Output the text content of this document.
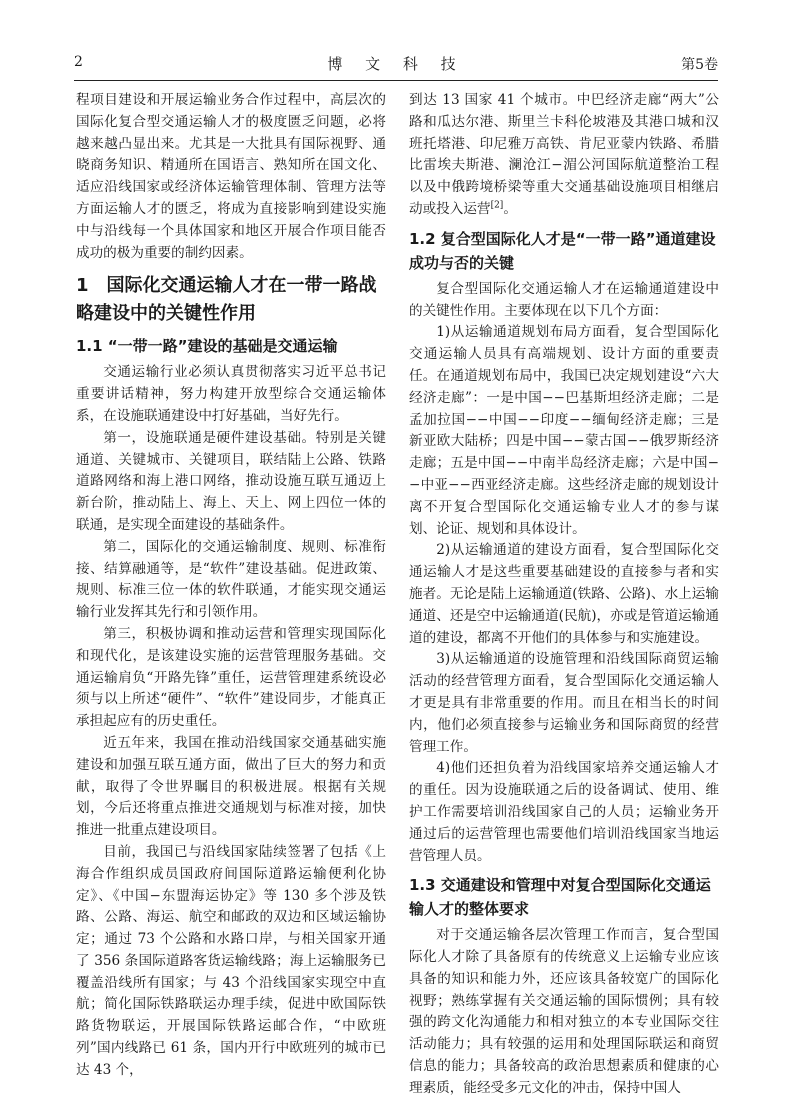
2	博 文 科 技	第5卷

程项目建设和开展运输业务合作过程中，高层次的国际化复合型交通运输人才的极度匮乏问题，必将越来越凸显出来。尤其是一大批具有国际视野、通晓商务知识、精通所在国语言、熟知所在国文化、适应沿线国家或经济体运输管理体制、管理方法等方面运输人才的匮乏，将成为直接影响到建设实施中与沿线每一个具体国家和地区开展合作项目能否成功的极为重要的制约因素。

1　国际化交通运输人才在一带一路战略建设中的关键性作用
1.1 “一带一路”建设的基础是交通运输

交通运输行业必须认真贯彻落实习近平总书记重要讲话精神，努力构建开放型综合交通运输体系，在设施联通建设中打好基础，当好先行。

第一，设施联通是硬件建设基础。特别是关键通道、关键城市、关键项目，联结陆上公路、铁路道路网络和海上港口网络，推动设施互联互通迈上新台阶，推动陆上、海上、天上、网上四位一体的联通，是实现全面建设的基础条件。

第二，国际化的交通运输制度、规则、标准衔接、结算融通等，是“软件”建设基础。促进政策、规则、标准三位一体的软件联通，才能实现交通运输行业发挥其先行和引领作用。

第三，积极协调和推动运营和管理实现国际化和现代化，是该建设实施的运营管理服务基础。交通运输肩负“开路先锋”重任，运营管理建系统设必须与以上所述“硬件”、“软件”建设同步，才能真正承担起应有的历史重任。

近五年来，我国在推动沿线国家交通基础实施建设和加强互联互通方面，做出了巨大的努力和贡献，取得了令世界瞩目的积极进展。根据有关规划，今后还将重点推进交通规划与标准对接，加快推进一批重点建设项目。

目前，我国已与沿线国家陆续签署了包括《上海合作组织成员国政府间国际道路运输便利化协定》、《中国−东盟海运协定》等 130 多个涉及铁路、公路、海运、航空和邮政的双边和区域运输协定；通过 73 个公路和水路口岸，与相关国家开通了 356 条国际道路客货运输线路；海上运输服务已覆盖沿线所有国家；与 43 个沿线国家实现空中直航；简化国际铁路联运办理手续，促进中欧国际铁路货物联运，开展国际铁路运邮合作，“中欧班列”国内线路已 61 条，国内开行中欧班列的城市已达 43 个，

到达 13 国家 41 个城市。中巴经济走廊“两大”公路和瓜达尔港、斯里兰卡科伦坡港及其港口城和汉班托塔港、印尼雅万高铁、肯尼亚蒙内铁路、希腊比雷埃夫斯港、澜沧江−湄公河国际航道整治工程以及中俄跨境桥梁等重大交通基础设施项目相继启动或投入运营[2]。

1.2 复合型国际化人才是“一带一路”通道建设成功与否的关键

复合型国际化交通运输人才在运输通道建设中的关键性作用。主要体现在以下几个方面：

1)从运输通道规划布局方面看，复合型国际化交通运输人员具有高端规划、设计方面的重要责任。在通道规划布局中，我国已决定规划建设“六大经济走廊”：一是中国−−巴基斯坦经济走廊；二是孟加拉国−−中国−−印度−−缅甸经济走廊；三是新亚欧大陆桥；四是中国−−蒙古国−−俄罗斯经济走廊；五是中国−−中南半岛经济走廊；六是中国−−中亚−−西亚经济走廊。这些经济走廊的规划设计离不开复合型国际化交通运输专业人才的参与谋划、论证、规划和具体设计。

2)从运输通道的建设方面看，复合型国际化交通运输人才是这些重要基础建设的直接参与者和实施者。无论是陆上运输通道(铁路、公路)、水上运输通道、还是空中运输通道(民航)，亦或是管道运输通道的建设，都离不开他们的具体参与和实施建设。

3)从运输通道的设施管理和沿线国际商贸运输活动的经营管理方面看，复合型国际化交通运输人才更是具有非常重要的作用。而且在相当长的时间内，他们必须直接参与运输业务和国际商贸的经营管理工作。

4)他们还担负着为沿线国家培养交通运输人才的重任。因为设施联通之后的设备调试、使用、维护工作需要培训沿线国家自己的人员；运输业务开通过后的运营管理也需要他们培训沿线国家当地运营管理人员。

1.3 交通建设和管理中对复合型国际化交通运输人才的整体要求

对于交通运输各层次管理工作而言，复合型国际化人才除了具备原有的传统意义上运输专业应该具备的知识和能力外，还应该具备较宽广的国际化视野；熟练掌握有关交通运输的国际惯例；具有较强的跨文化沟通能力和相对独立的本专业国际交往活动能力；具有较强的运用和处理国际联运和商贸信息的能力；具备较高的政治思想素质和健康的心理素质，能经受多元文化的冲击，保持中国人
